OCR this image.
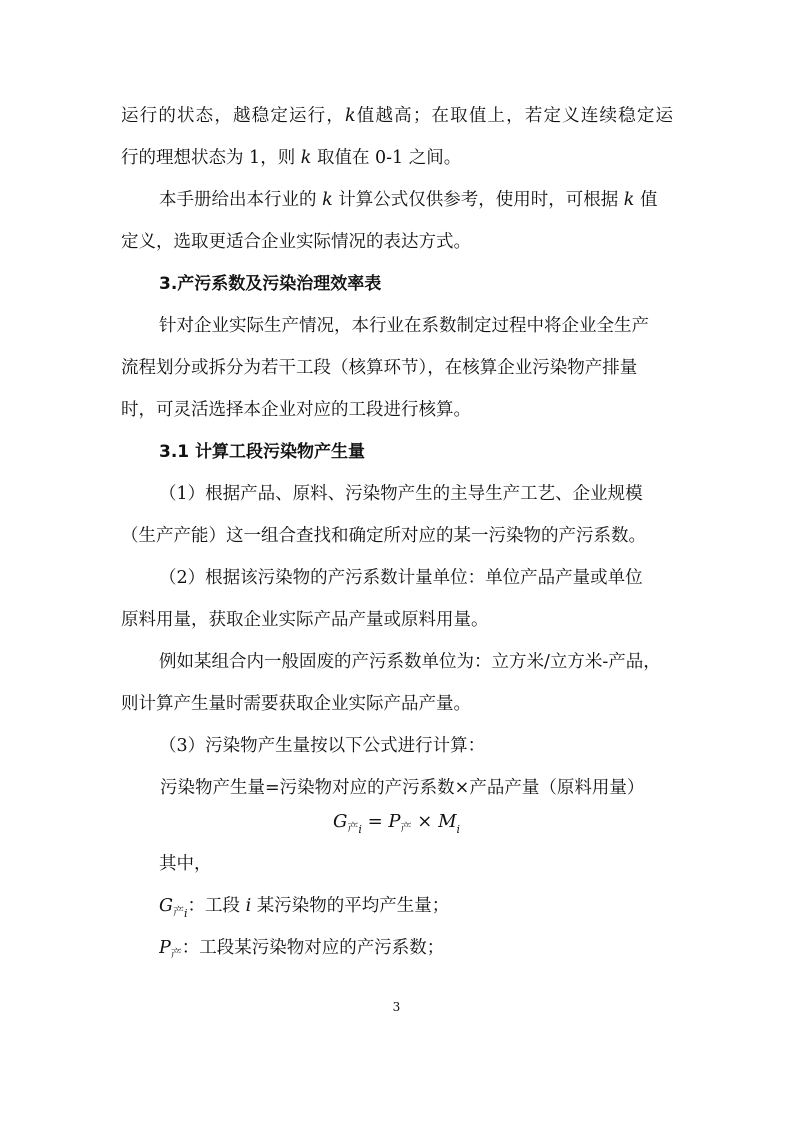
运行的状态，越稳定运行，k值越高；在取值上，若定义连续稳定运
行的理想状态为 1，则 k 取值在 0-1 之间。
本手册给出本行业的 k 计算公式仅供参考，使用时，可根据 k 值
定义，选取更适合企业实际情况的表达方式。
3.产污系数及污染治理效率表
针对企业实际生产情况，本行业在系数制定过程中将企业全生产
流程划分或拆分为若干工段（核算环节），在核算企业污染物产排量
时，可灵活选择本企业对应的工段进行核算。
3.1 计算工段污染物产生量
（1）根据产品、原料、污染物产生的主导生产工艺、企业规模
（生产产能）这一组合查找和确定所对应的某一污染物的产污系数。
（2）根据该污染物的产污系数计量单位：单位产品产量或单位
原料用量，获取企业实际产品产量或原料用量。
例如某组合内一般固废的产污系数单位为：立方米/立方米-产品，
则计算产生量时需要获取企业实际产品产量。
（3）污染物产生量按以下公式进行计算：
污染物产生量=污染物对应的产污系数×产品产量（原料用量）
$G_{产i} = P_产 \times M_i$
其中，
$G_{产i}$：工段 i 某污染物的平均产生量；
$P_产$：工段某污染物对应的产污系数；
3
